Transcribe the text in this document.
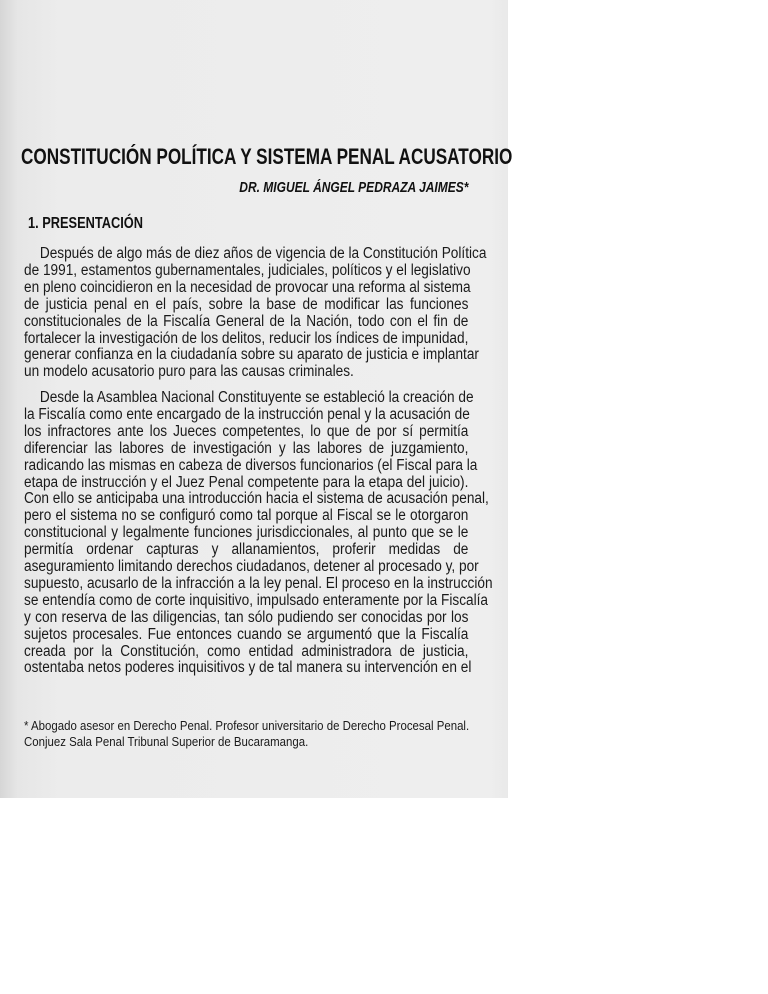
CONSTITUCIÓN POLÍTICA Y SISTEMA PENAL ACUSATORIO
DR. MIGUEL ÁNGEL PEDRAZA JAIMES*
1. PRESENTACIÓN
Después de algo más de diez años de vigencia de la Constitución Política
de 1991, estamentos gubernamentales, judiciales, políticos y el legislativo
en pleno coincidieron en la necesidad de provocar una reforma al sistema
de justicia penal en el país, sobre la base de modificar las funciones
constitucionales de la Fiscalía General de la Nación, todo con el fin de
fortalecer la investigación de los delitos, reducir los índices de impunidad,
generar confianza en la ciudadanía sobre su aparato de justicia e implantar
un modelo acusatorio puro para las causas criminales.
Desde la Asamblea Nacional Constituyente se estableció la creación de
la Fiscalía como ente encargado de la instrucción penal y la acusación de
los infractores ante los Jueces competentes, lo que de por sí permitía
diferenciar las labores de investigación y las labores de juzgamiento,
radicando las mismas en cabeza de diversos funcionarios (el Fiscal para la
etapa de instrucción y el Juez Penal competente para la etapa del juicio).
Con ello se anticipaba una introducción hacia el sistema de acusación penal,
pero el sistema no se configuró como tal porque al Fiscal se le otorgaron
constitucional y legalmente funciones jurisdiccionales, al punto que se le
permitía ordenar capturas y allanamientos, proferir medidas de
aseguramiento limitando derechos ciudadanos, detener al procesado y, por
supuesto, acusarlo de la infracción a la ley penal. El proceso en la instrucción
se entendía como de corte inquisitivo, impulsado enteramente por la Fiscalía
y con reserva de las diligencias, tan sólo pudiendo ser conocidas por los
sujetos procesales. Fue entonces cuando se argumentó que la Fiscalía
creada por la Constitución, como entidad administradora de justicia,
ostentaba netos poderes inquisitivos y de tal manera su intervención en el
* Abogado asesor en Derecho Penal. Profesor universitario de Derecho Procesal Penal.
Conjuez Sala Penal Tribunal Superior de Bucaramanga.
